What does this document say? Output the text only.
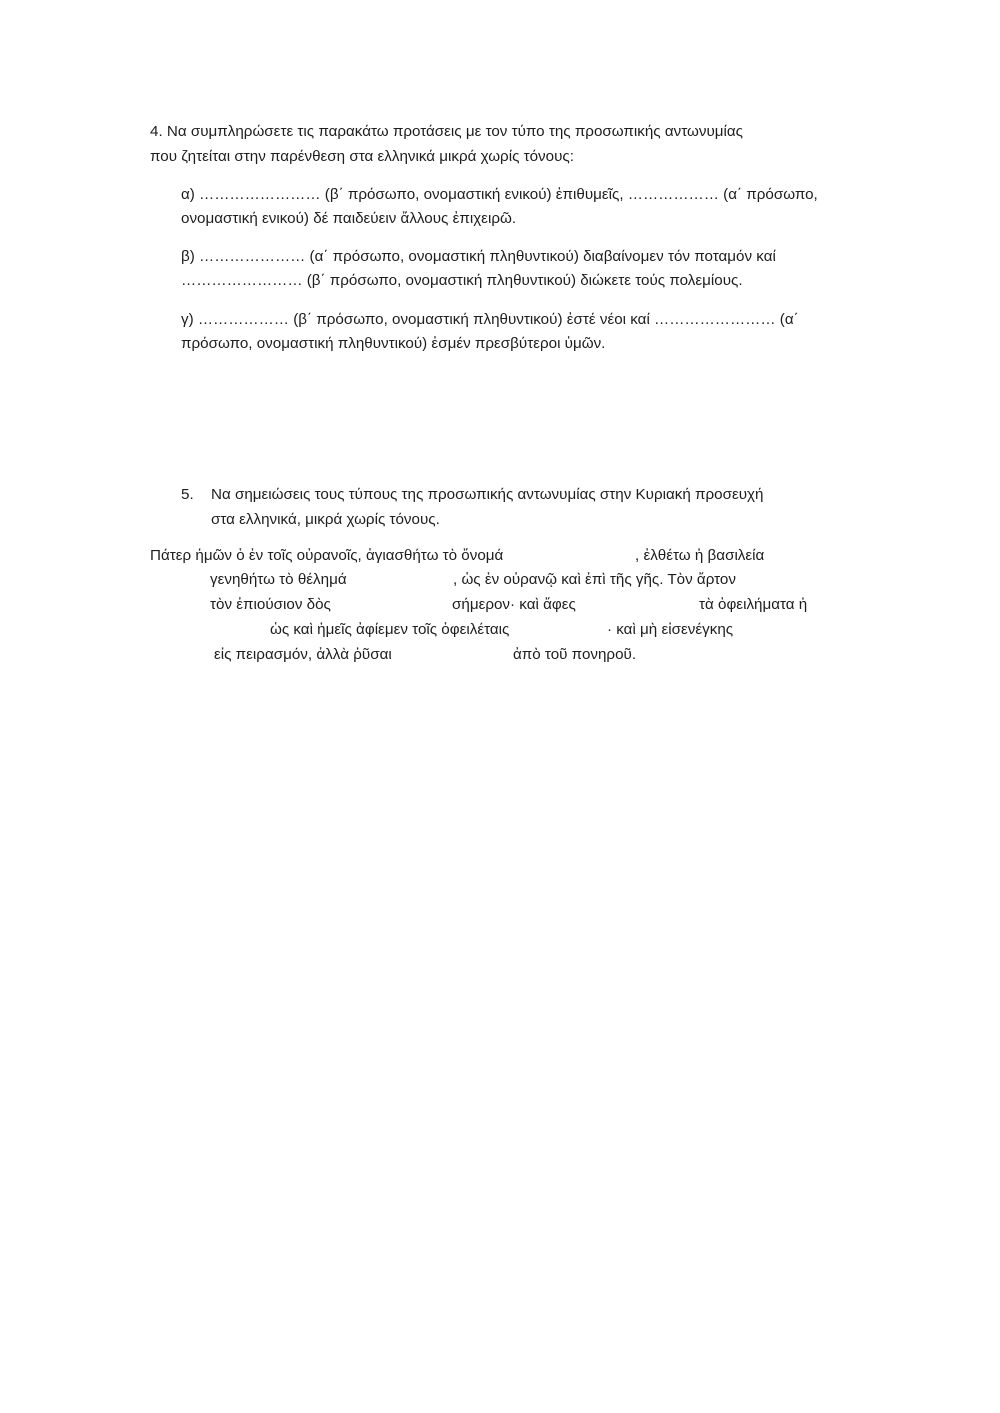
4. Να συμπληρώσετε τις παρακάτω προτάσεις με τον τύπο της προσωπικής αντωνυμίας
που ζητείται στην παρένθεση στα ελληνικά μικρά χωρίς τόνους:
α) …………………… (β΄ πρόσωπο, ονομαστική ενικού) ἐπιθυμεῖς, ……………… (α΄ πρόσωπο,
ονομαστική ενικού) δέ παιδεύειν ἄλλους ἐπιχειρῶ.
β) ………………… (α΄ πρόσωπο, ονομαστική πληθυντικού) διαβαίνομεν τόν ποταμόν καί
…………………… (β΄ πρόσωπο, ονομαστική πληθυντικού) διώκετε τούς πολεμίους.
γ) ……………… (β΄ πρόσωπο, ονομαστική πληθυντικού) ἐστέ νέοι καί …………………… (α΄
πρόσωπο, ονομαστική πληθυντικού) ἐσμέν πρεσβύτεροι ὑμῶν.
5. Να σημειώσεις τους τύπους της προσωπικής αντωνυμίας στην Κυριακή προσευχή
στα ελληνικά, μικρά χωρίς τόνους.
Πάτερ ἡμῶν ὁ ἐν τοῖς οὐρανοῖς, ἁγιασθήτω τὸ ὄνομά	, ἐλθέτω ἡ βασιλεία
γενηθήτω τὸ θέλημά	, ὡς ἐν οὐρανῷ καὶ ἐπὶ τῆς γῆς. Τὸν ἄρτον
τὸν ἐπιούσιον δὸς	σήμερον· καὶ ἄφες	τὰ ὀφειλήματα ἡ
ὡς καὶ ἡμεῖς ἀφίεμεν τοῖς ὀφειλέταις	· καὶ μὴ εἰσενέγκης
εἰς πειρασμόν, ἀλλὰ ῥῦσαι	ἀπὸ τοῦ πονηροῦ.
